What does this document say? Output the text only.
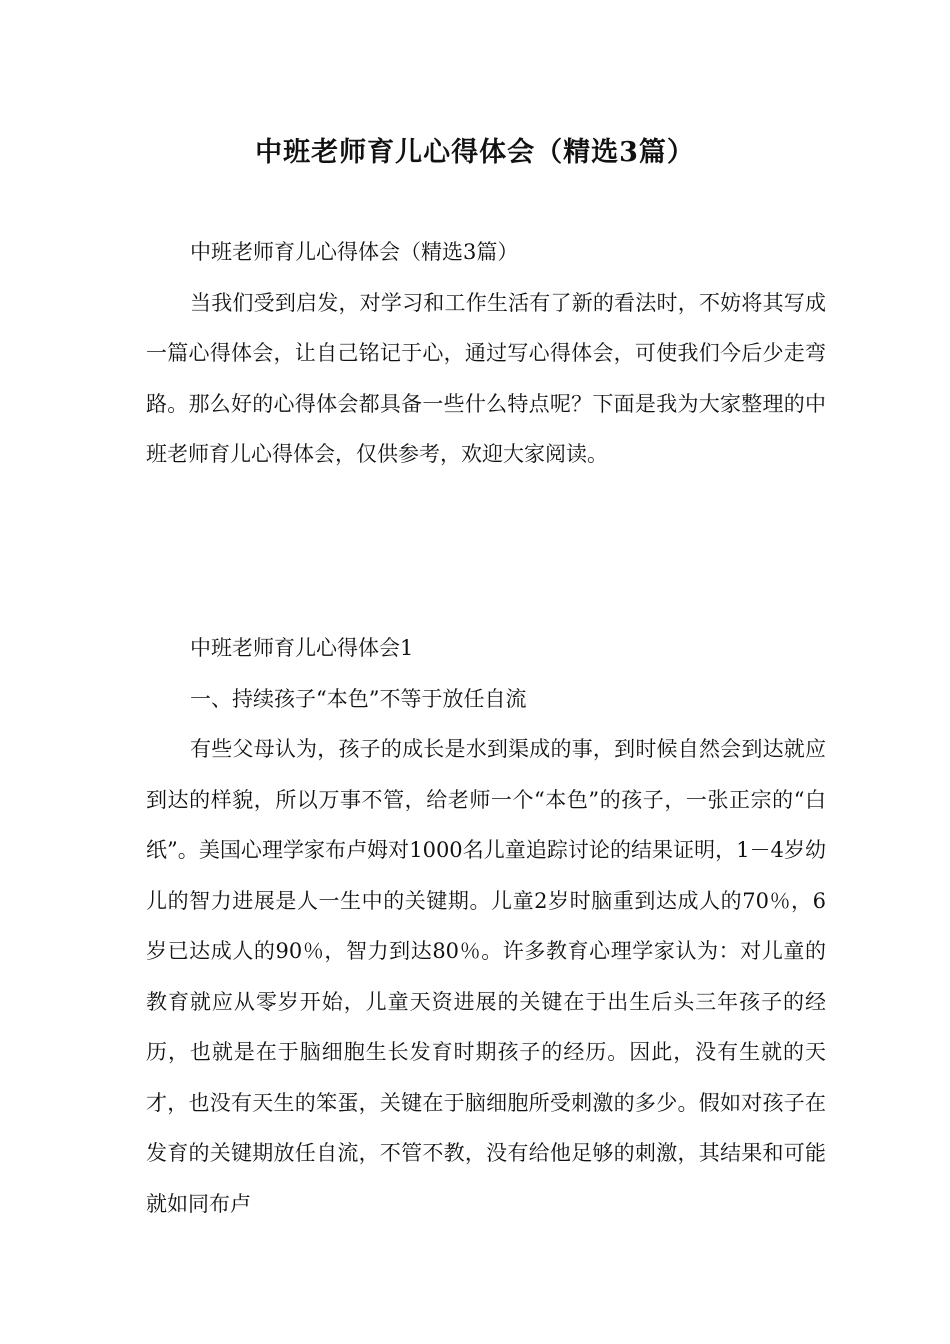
中班老师育儿心得体会（精选3篇）

中班老师育儿心得体会（精选3篇）

当我们受到启发，对学习和工作生活有了新的看法时，不妨将其写成一篇心得体会，让自己铭记于心，通过写心得体会，可使我们今后少走弯路。那么好的心得体会都具备一些什么特点呢？下面是我为大家整理的中班老师育儿心得体会，仅供参考，欢迎大家阅读。

中班老师育儿心得体会1

一、持续孩子“本色”不等于放任自流

有些父母认为，孩子的成长是水到渠成的事，到时候自然会到达就应到达的样貌，所以万事不管，给老师一个“本色”的孩子，一张正宗的“白纸”。美国心理学家布卢姆对1000名儿童追踪讨论的结果证明，1－4岁幼儿的智力进展是人一生中的关键期。儿童2岁时脑重到达成人的70％，6岁已达成人的90％，智力到达80％。许多教育心理学家认为：对儿童的教育就应从零岁开始，儿童天资进展的关键在于出生后头三年孩子的经历，也就是在于脑细胞生长发育时期孩子的经历。因此，没有生就的天才，也没有天生的笨蛋，关键在于脑细胞所受刺激的多少。假如对孩子在发育的关键期放任自流，不管不教，没有给他足够的刺激，其结果和可能就如同布卢
